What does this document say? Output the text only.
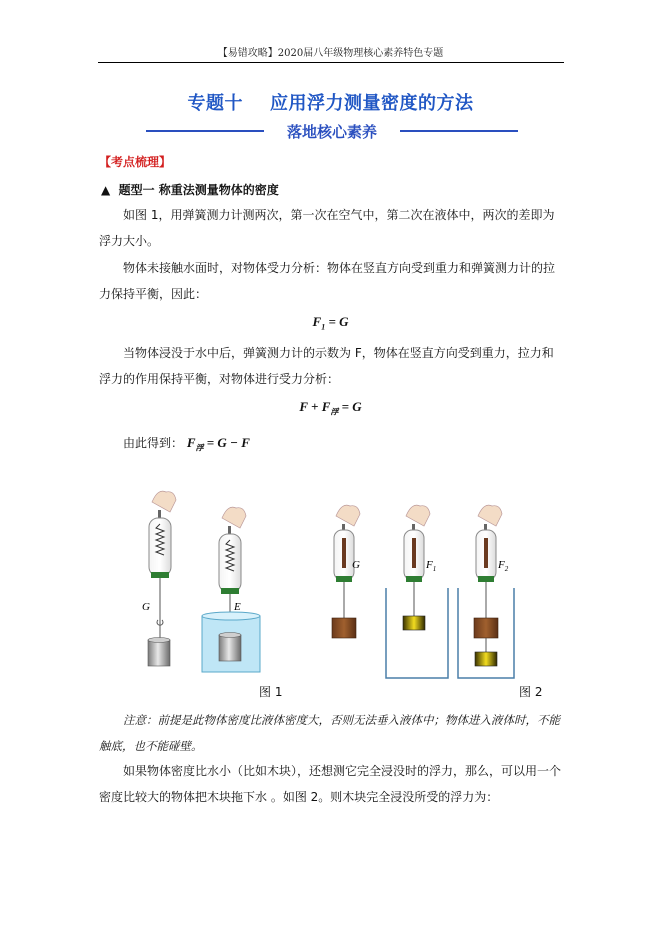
【易错攻略】2020届八年级物理核心素养特色专题
专题十 应用浮力测量密度的方法
落地核心素养
【考点梳理】
▲ 题型一 称重法测量物体的密度
如图 1，用弹簧测力计测两次，第一次在空气中，第二次在液体中，两次的差即为浮力大小。
物体未接触水面时，对物体受力分析：物体在竖直方向受到重力和弹簧测力计的拉力保持平衡，因此：
$F_1 = G$
当物体浸没于水中后，弹簧测力计的示数为 F，物体在竖直方向受到重力，拉力和浮力的作用保持平衡，对物体进行受力分析：
$F + F_浮 = G$
由此得到： $F_浮 = G - F$
G	E
G	$F_1$	$F_2$
图 1	图 2
注意：前提是此物体密度比液体密度大，否则无法垂入液体中；物体进入液体时，不能触底，也不能碰壁。
如果物体密度比水小（比如木块），还想测它完全浸没时的浮力，那么，可以用一个密度比较大的物体把木块拖下水 。如图 2。则木块完全浸没所受的浮力为：
